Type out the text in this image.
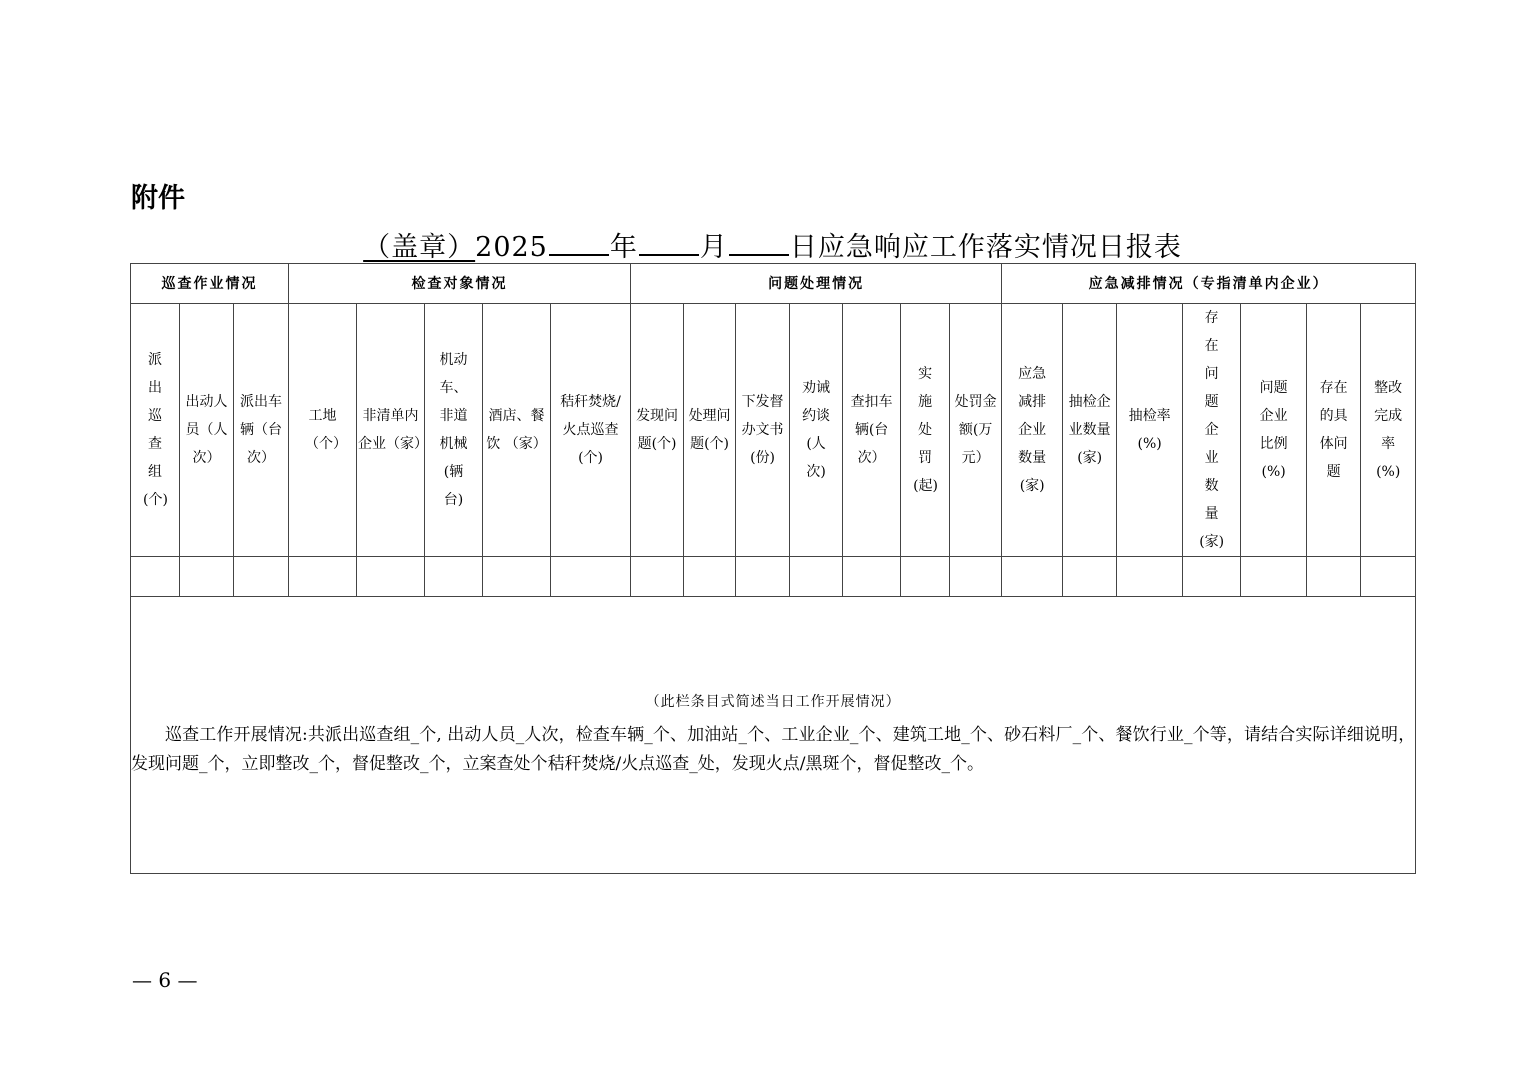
附件
（盖章）2025 年 月 日应急响应工作落实情况日报表
巡查作业情况			检查对象情况					问题处理情况							应急减排情况（专指清单内企业）						

派出巡查组(个)	出动人员（人次）	派出车辆（台次）	工地（个）	非清单内企业（家）	机动车、非道机械(辆台)	酒店、餐饮 （家）	秸秆焚烧/火点巡查(个)	发现问题(个)	处理问题(个)	下发督办文书(份)	劝诫约谈(人次)	查扣车辆(台次）	实施处罚(起)	处罚金额(万元）	应急减排企业数量(家)	抽检企业数量(家)	抽检率(%)	存在问题企业数量(家)	问题企业 比例 (%)	存在的具体问题	整改完成率(%)

（此栏条目式简述当日工作开展情况）
巡查工作开展情况:共派出巡查组_个, 出动人员_人次，检查车辆_个、加油站_个、工业企业_个、建筑工地_个、砂石料厂_个、餐饮行业_个等，请结合实际详细说明，发现问题_个，立即整改_个，督促整改_个，立案查处个秸秆焚烧/火点巡查_处，发现火点/黑斑个，督促整改_个。																					
— 6 —
